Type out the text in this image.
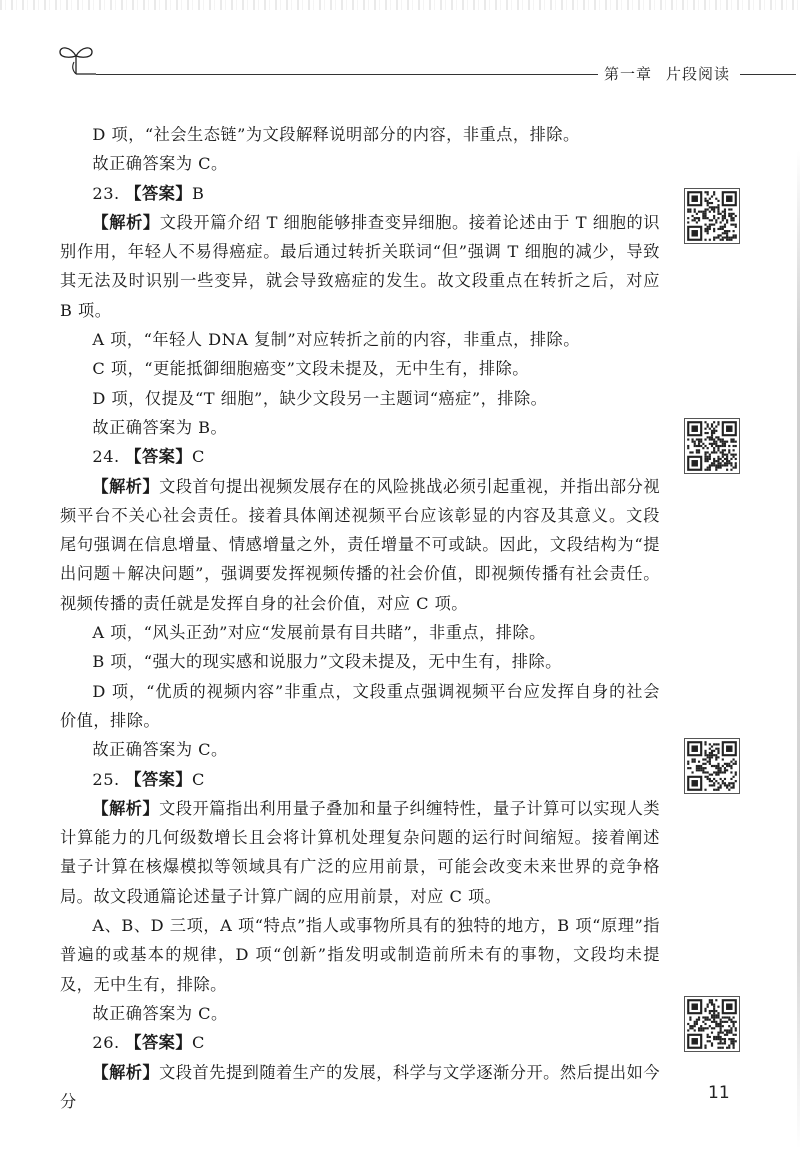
第一章 片段阅读

D 项，“社会生态链”为文段解释说明部分的内容，非重点，排除。

故正确答案为 C。

23. 【答案】B

【解析】文段开篇介绍 T 细胞能够排查变异细胞。接着论述由于 T 细胞的识别作用，年轻人不易得癌症。最后通过转折关联词“但”强调 T 细胞的减少，导致其无法及时识别一些变异，就会导致癌症的发生。故文段重点在转折之后，对应 B 项。

A 项，“年轻人 DNA 复制”对应转折之前的内容，非重点，排除。

C 项，“更能抵御细胞癌变”文段未提及，无中生有，排除。

D 项，仅提及“T 细胞”，缺少文段另一主题词“癌症”，排除。

故正确答案为 B。

24. 【答案】C

【解析】文段首句提出视频发展存在的风险挑战必须引起重视，并指出部分视频平台不关心社会责任。接着具体阐述视频平台应该彰显的内容及其意义。文段尾句强调在信息增量、情感增量之外，责任增量不可或缺。因此，文段结构为“提出问题＋解决问题”，强调要发挥视频传播的社会价值，即视频传播有社会责任。视频传播的责任就是发挥自身的社会价值，对应 C 项。

A 项，“风头正劲”对应“发展前景有目共睹”，非重点，排除。

B 项，“强大的现实感和说服力”文段未提及，无中生有，排除。

D 项，“优质的视频内容”非重点，文段重点强调视频平台应发挥自身的社会价值，排除。

故正确答案为 C。

25. 【答案】C

【解析】文段开篇指出利用量子叠加和量子纠缠特性，量子计算可以实现人类计算能力的几何级数增长且会将计算机处理复杂问题的运行时间缩短。接着阐述量子计算在核爆模拟等领域具有广泛的应用前景，可能会改变未来世界的竞争格局。故文段通篇论述量子计算广阔的应用前景，对应 C 项。

A、B、D 三项，A 项“特点”指人或事物所具有的独特的地方，B 项“原理”指普遍的或基本的规律，D 项“创新”指发明或制造前所未有的事物，文段均未提及，无中生有，排除。

故正确答案为 C。

26. 【答案】C

【解析】文段首先提到随着生产的发展，科学与文学逐渐分开。然后提出如今分	11
